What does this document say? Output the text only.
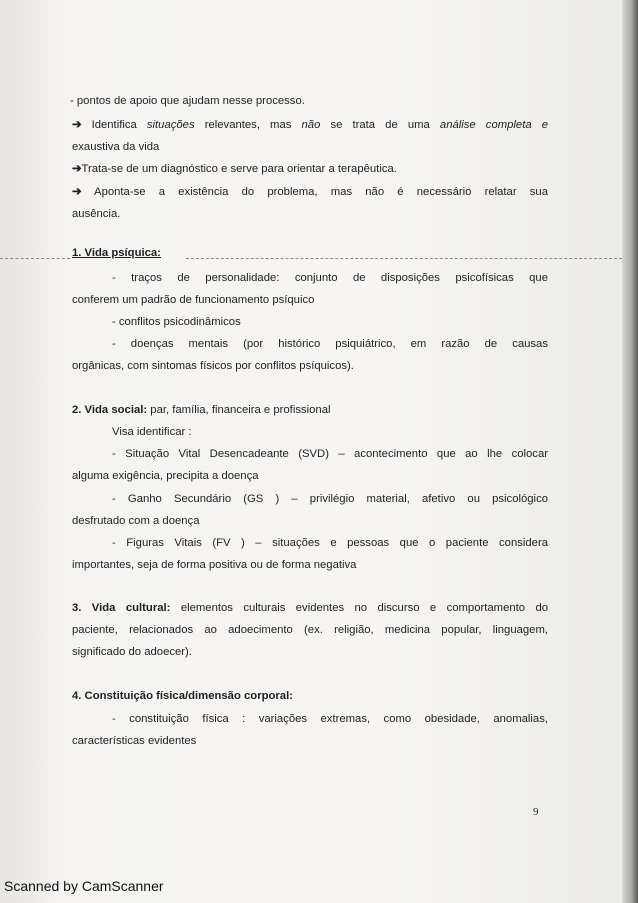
- pontos de apoio que ajudam nesse processo.
➔ Identifica situações relevantes, mas não se trata de uma análise completa e
exaustiva da vida
➔Trata-se de um diagnóstico e serve para orientar a terapêutica.
➔ Aponta-se a existência do problema, mas não é necessário relatar sua
ausência.
1. Vida psíquica:
- traços de personalidade: conjunto de disposições psicofísicas que
conferem um padrão de funcionamento psíquico
- conflitos psicodinâmicos
- doenças mentais (por histórico psiquiátrico, em razão de causas
orgânicas, com sintomas físicos por conflitos psíquicos).
2. Vida social: par, família, financeira e profissional
Visa identificar :
- Situação Vital Desencadeante (SVD) – acontecimento que ao lhe colocar
alguma exigência, precipita a doença
- Ganho Secundário (GS ) – privilégio material, afetivo ou psicológico
desfrutado com a doença
- Figuras Vitais (FV ) – situações e pessoas que o paciente considera
importantes, seja de forma positiva ou de forma negativa
3. Vida cultural: elementos culturais evidentes no discurso e comportamento do
paciente, relacionados ao adoecimento (ex. religião, medicina popular, linguagem,
significado do adoecer).
4. Constituição física/dimensão corporal:
- constituição física : variações extremas, como obesidade, anomalias,
características evidentes
9
Scanned by CamScanner
